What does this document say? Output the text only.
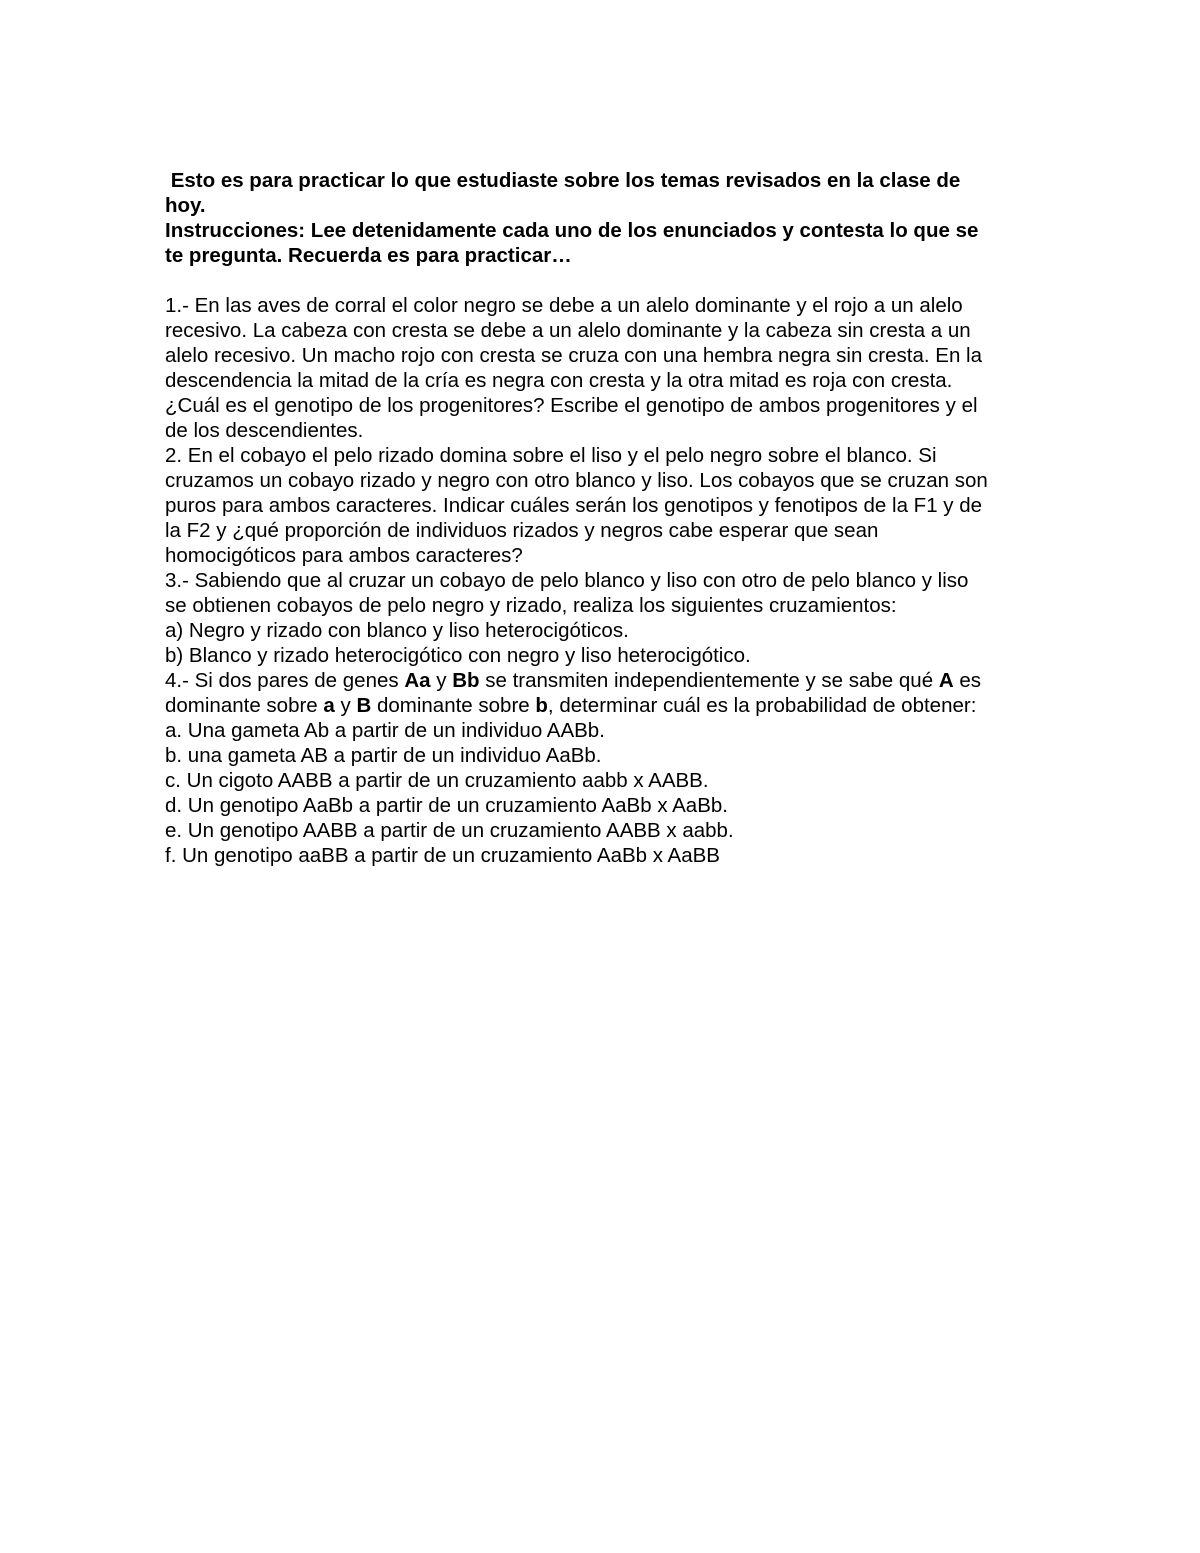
Esto es para practicar lo que estudiaste sobre los temas revisados en la clase de

hoy.

Instrucciones: Lee detenidamente cada uno de los enunciados y contesta lo que se

te pregunta. Recuerda es para practicar…

1.- En las aves de corral el color negro se debe a un alelo dominante y el rojo a un alelo

recesivo. La cabeza con cresta se debe a un alelo dominante y la cabeza sin cresta a un

alelo recesivo. Un macho rojo con cresta se cruza con una hembra negra sin cresta. En la

descendencia la mitad de la cría es negra con cresta y la otra mitad es roja con cresta.

¿Cuál es el genotipo de los progenitores? Escribe el genotipo de ambos progenitores y el

de los descendientes.

2. En el cobayo el pelo rizado domina sobre el liso y el pelo negro sobre el blanco. Si

cruzamos un cobayo rizado y negro con otro blanco y liso. Los cobayos que se cruzan son

puros para ambos caracteres. Indicar cuáles serán los genotipos y fenotipos de la F1 y de

la F2 y ¿qué proporción de individuos rizados y negros cabe esperar que sean

homocigóticos para ambos caracteres?

3.- Sabiendo que al cruzar un cobayo de pelo blanco y liso con otro de pelo blanco y liso

se obtienen cobayos de pelo negro y rizado, realiza los siguientes cruzamientos:

a) Negro y rizado con blanco y liso heterocigóticos.

b) Blanco y rizado heterocigótico con negro y liso heterocigótico.

4.- Si dos pares de genes Aa y Bb se transmiten independientemente y se sabe qué A es

dominante sobre a y B dominante sobre b, determinar cuál es la probabilidad de obtener:

a. Una gameta Ab a partir de un individuo AABb.

b. una gameta AB a partir de un individuo AaBb.

c. Un cigoto AABB a partir de un cruzamiento aabb x AABB.

d. Un genotipo AaBb a partir de un cruzamiento AaBb x AaBb.

e. Un genotipo AABB a partir de un cruzamiento AABB x aabb.

f. Un genotipo aaBB a partir de un cruzamiento AaBb x AaBB
